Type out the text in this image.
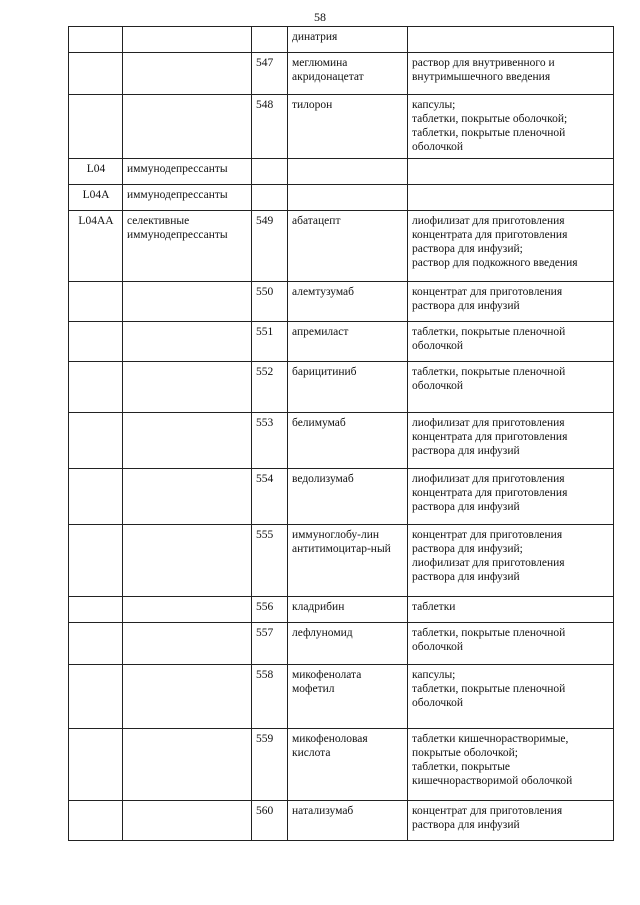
58
			динатрия	
		547	меглюмина акридонацетат	раствор для внутривенного и
внутримышечного введения

		548	тилорон	капсулы;
таблетки, покрытые оболочкой;
таблетки, покрытые пленочной
оболочкой

L04	иммунодепрессанты			
L04A	иммунодепрессанты			
L04AA	селективные иммунодепрессанты	549	абатацепт	лиофилизат для приготовления
концентрата для приготовления
раствора для инфузий;
раствор для подкожного введения

		550	алемтузумаб	концентрат для приготовления
раствора для инфузий

		551	апремиласт	таблетки, покрытые пленочной
оболочкой

		552	барицитиниб	таблетки, покрытые пленочной
оболочкой

		553	белимумаб	лиофилизат для приготовления
концентрата для приготовления
раствора для инфузий

		554	ведолизумаб	лиофилизат для приготовления
концентрата для приготовления
раствора для инфузий

		555	иммуноглобу-лин антитимоцитар-ный	концентрат для приготовления
раствора для инфузий;
лиофилизат для приготовления
раствора для инфузий

		556	кладрибин	таблетки

		557	лефлуномид	таблетки, покрытые пленочной
оболочкой

		558	микофенолата мофетил	капсулы;
таблетки, покрытые пленочной
оболочкой

		559	микофеноловая кислота	таблетки кишечнорастворимые,
покрытые оболочкой;
таблетки, покрытые
кишечнорастворимой оболочкой

		560	натализумаб	концентрат для приготовления
раствора для инфузий
